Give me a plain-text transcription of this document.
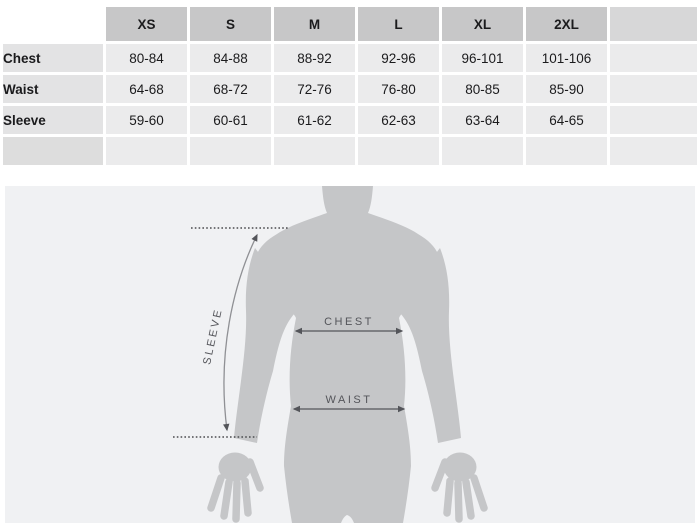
	XS	S	M	L	XL	2XL	
Chest	80-84	84-88	88-92	92-96	96-101	101-106	
Waist	64-68	68-72	72-76	76-80	80-85	85-90	
Sleeve	59-60	60-61	61-62	62-63	63-64	64-65	

SLEEVE	CHEST
WAIST
